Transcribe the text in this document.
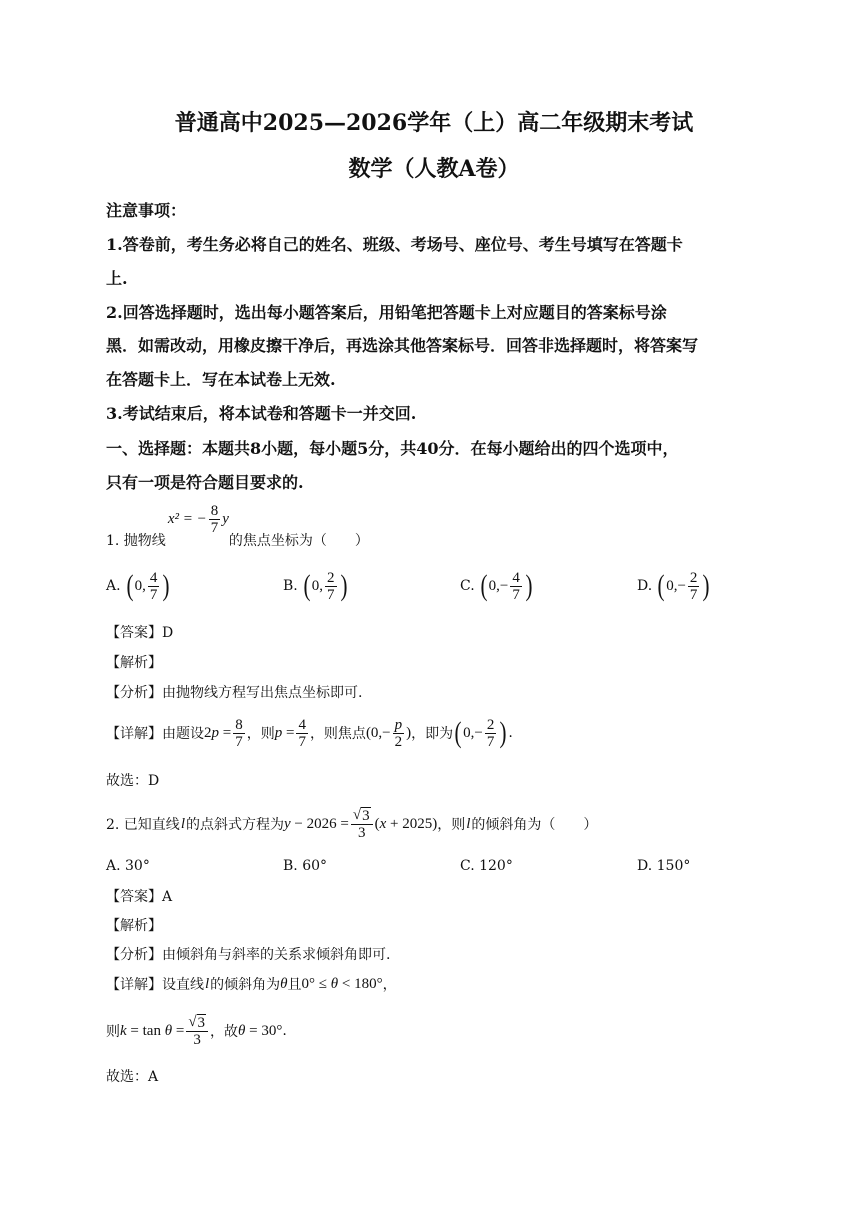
普通高中2025—2026学年（上）高二年级期末考试
数学（人教A卷）
注意事项：
1.答卷前，考生务必将自己的姓名、班级、考场号、座位号、考生号填写在答题卡
上.
2.回答选择题时，选出每小题答案后，用铅笔把答题卡上对应题目的答案标号涂
黑．如需改动，用橡皮擦干净后，再选涂其他答案标号．回答非选择题时，将答案写
在答题卡上．写在本试卷上无效.
3.考试结束后，将本试卷和答题卡一并交回.
一、选择题：本题共8小题，每小题5分，共40分．在每小题给出的四个选项中，
只有一项是符合题目要求的.
1. 抛物线
x² = − $\frac{8}{7}$ y
的焦点坐标为（　　）
A. ( 0, $\frac{4}{7}$ )	B. ( 0, $\frac{2}{7}$ )	C. ( 0, − $\frac{4}{7}$ )	D. ( 0, − $\frac{2}{7}$ )
【答案】D
【解析】
【分析】由抛物线方程写出焦点坐标即可.
【详解】由题设 2 $p = \frac{8}{7}$ ，则 $p = \frac{4}{7}$ ，则焦点 ($0,- \frac{p}{2}$ ) ，即为 ( $0,- \frac{2}{7}$ ) .
故选：D
2. 已知直线 l 的点斜式方程为 $y - 2026 = \frac{√ 3}{3}$ ( x + 2025) ，则 l 的倾斜角为（　　）
A. 30°	B. 60°	C. 120°	D. 150°
【答案】A
【解析】
【分析】由倾斜角与斜率的关系求倾斜角即可.
【详解】设直线 l 的倾斜角为 θ 且 0° ≤ θ < 180° ，
则 $k = \tan \theta = \frac{√ 3}{3}$ ，故 θ = 30° .
故选：A
